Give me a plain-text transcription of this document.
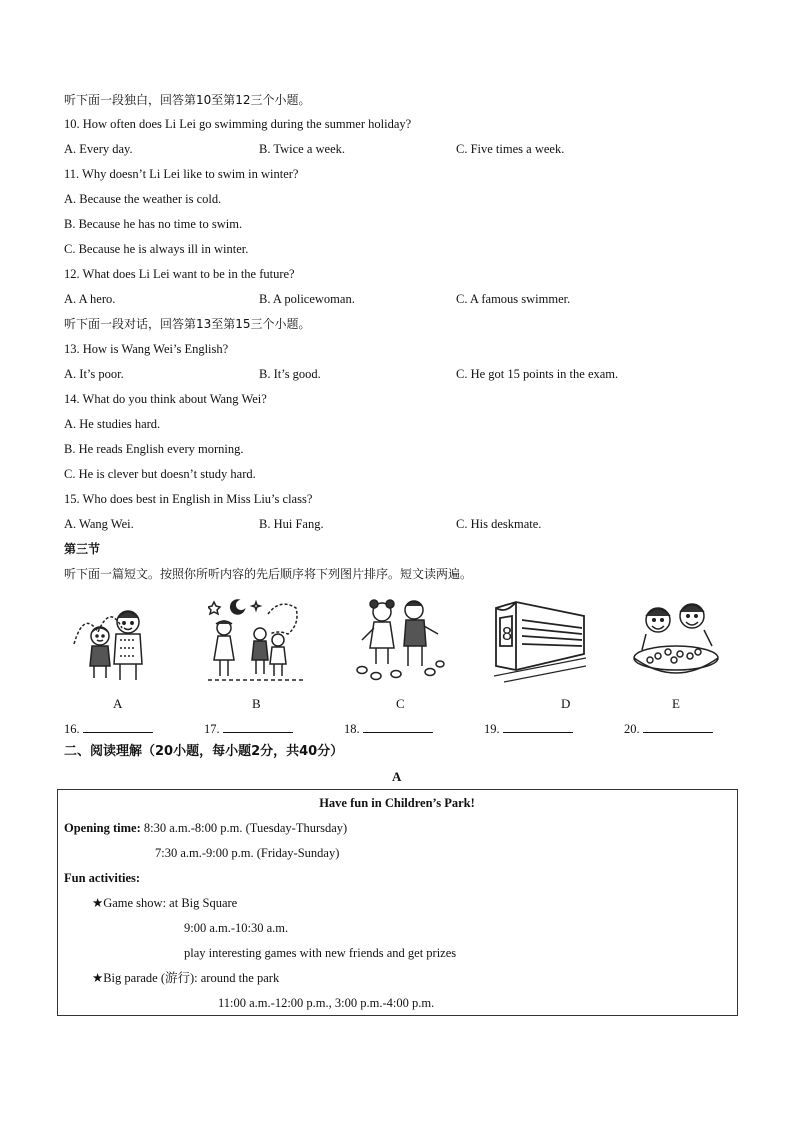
听下面一段独白，回答第10至第12三个小题。
10. How often does Li Lei go swimming during the summer holiday?
A. Every day.	B. Twice a week.	C. Five times a week.
11. Why doesn’t Li Lei like to swim in winter?
A. Because the weather is cold.
B. Because he has no time to swim.
C. Because he is always ill in winter.
12. What does Li Lei want to be in the future?
A. A hero.	B. A policewoman.	C. A famous swimmer.
听下面一段对话，回答第13至第15三个小题。
13. How is Wang Wei’s English?
A. It’s poor.	B. It’s good.	C. He got 15 points in the exam.
14. What do you think about Wang Wei?
A. He studies hard.
B. He reads English every morning.
C. He is clever but doesn’t study hard.
15. Who does best in English in Miss Liu’s class?
A. Wang Wei.	B. Hui Fang.	C. His deskmate.
第三节
听下面一篇短文。按照你所听内容的先后顺序将下列图片排序。短文读两遍。
8
A	B	C	D	E
16.	17.	18.	19.	20.
二、阅读理解（20小题，每小题2分，共40分）
A
Have fun in Children’s Park!
Opening time: 8:30 a.m.-8:00 p.m. (Tuesday-Thursday)
7:30 a.m.-9:00 p.m. (Friday-Sunday)
Fun activities:
★Game show: at Big Square
9:00 a.m.-10:30 a.m.
play interesting games with new friends and get prizes
★Big parade (游行): around the park
11:00 a.m.-12:00 p.m., 3:00 p.m.-4:00 p.m.
